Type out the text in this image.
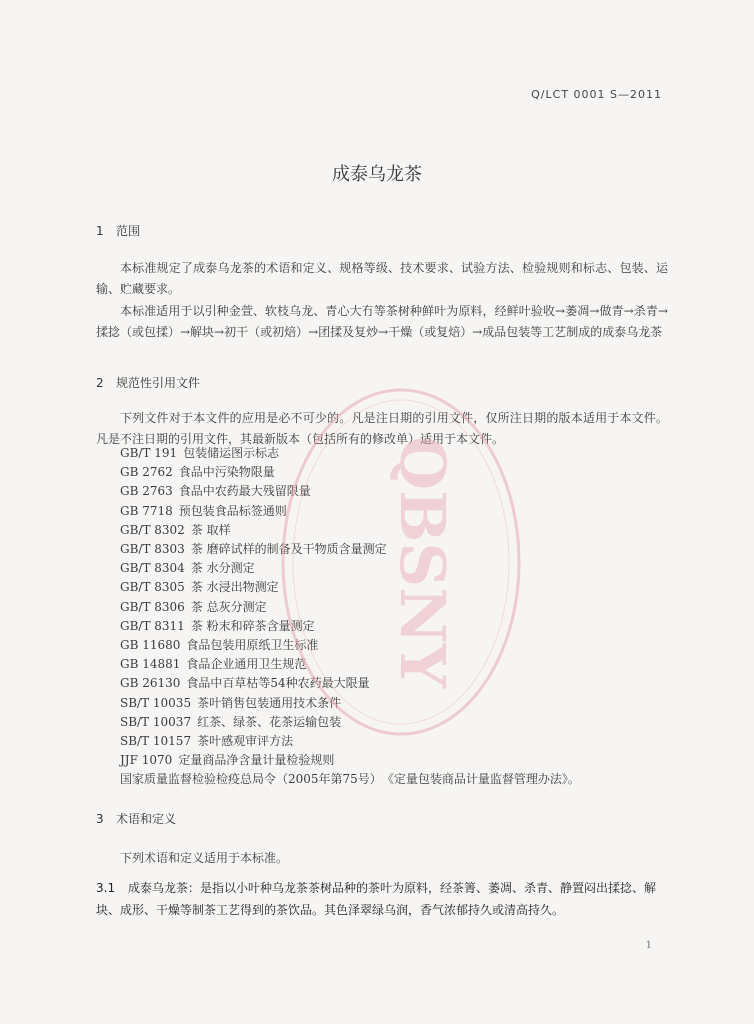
Q/LCT 0001 S—2011
成泰乌龙茶
1 范围
本标准规定了成泰乌龙茶的术语和定义、规格等级、技术要求、试验方法、检验规则和标志、包装、运输、贮藏要求。
本标准适用于以引种金萱、软枝乌龙、青心大冇等茶树种鲜叶为原料，经鲜叶验收→萎凋→做青→杀青→揉捻（或包揉）→解块→初干（或初焙）→团揉及复炒→干燥（或复焙）→成品包装等工艺制成的成泰乌龙茶
2 规范性引用文件
下列文件对于本文件的应用是必不可少的。凡是注日期的引用文件，仅所注日期的版本适用于本文件。凡是不注日期的引用文件，其最新版本（包括所有的修改单）适用于本文件。
GB/T 191 包装储运图示标志
GB 2762 食品中污染物限量
GB 2763 食品中农药最大残留限量
GB 7718 预包装食品标签通则
GB/T 8302 茶 取样
GB/T 8303 茶 磨碎试样的制备及干物质含量测定
GB/T 8304 茶 水分测定
GB/T 8305 茶 水浸出物测定
GB/T 8306 茶 总灰分测定
GB/T 8311 茶 粉末和碎茶含量测定
GB 11680 食品包装用原纸卫生标准
GB 14881 食品企业通用卫生规范
GB 26130 食品中百草枯等54种农药最大限量
SB/T 10035 茶叶销售包装通用技术条件
SB/T 10037 红茶、绿茶、花茶运输包装
SB/T 10157 茶叶感观审评方法
JJF 1070 定量商品净含量计量检验规则
国家质量监督检验检疫总局令（2005年第75号） 《定量包装商品计量监督管理办法》。
3 术语和定义
下列术语和定义适用于本标准。
3.1 成泰乌龙茶：是指以小叶种乌龙茶茶树品种的茶叶为原料，经茶箐、萎凋、杀青、静置闷出揉捻、解块、成形、干燥等制茶工艺得到的茶饮品。其色泽翠绿乌润，香气浓郁持久或清高持久。
1
QBSNY
